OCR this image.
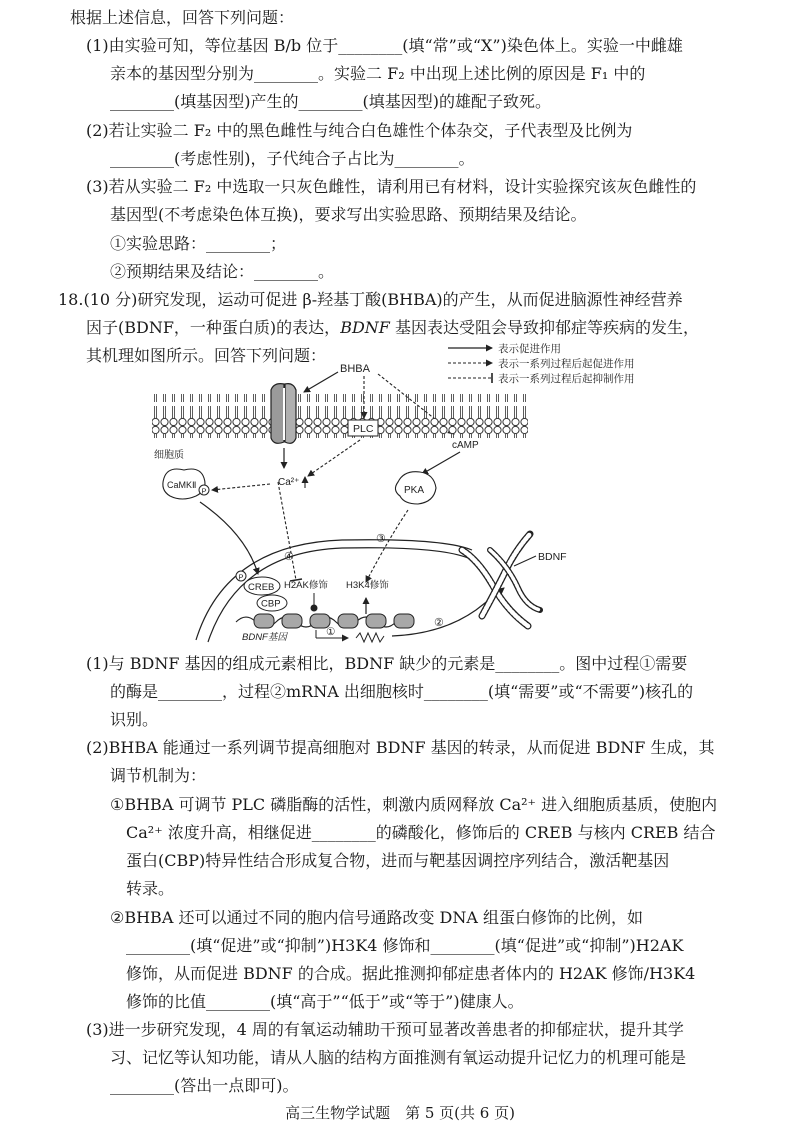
根据上述信息，回答下列问题：
(1)由实验可知，等位基因 B/b 位于________(填“常”或“X”)染色体上。实验一中雌雄
亲本的基因型分别为________。实验二 F₂ 中出现上述比例的原因是 F₁ 中的
________(填基因型)产生的________(填基因型)的雄配子致死。
(2)若让实验二 F₂ 中的黑色雌性与纯合白色雄性个体杂交，子代表型及比例为
________(考虑性别)，子代纯合子占比为________。
(3)若从实验二 F₂ 中选取一只灰色雌性，请利用已有材料，设计实验探究该灰色雌性的
基因型(不考虑染色体互换)，要求写出实验思路、预期结果及结论。
①实验思路：________；
②预期结果及结论：________。
18.(10 分)研究发现，运动可促进 β-羟基丁酸(BHBA)的产生，从而促进脑源性神经营养
因子(BDNF，一种蛋白质)的表达，BDNF 基因表达受阻会导致抑郁症等疾病的发生，
其机理如图所示。回答下列问题：	表示促进作用
表示一系列过程后起促进作用
表示一系列过程后起抑制作用
BHBA
PLC
细胞质
cAMP
Ca²⁺
CaMKⅡ
P	PKA
③
④
P
CREB
CBP
H2AK修饰 H3K4修饰
BDNF基因	①
②
BDNF
(1)与 BDNF 基因的组成元素相比，BDNF 缺少的元素是________。图中过程①需要
的酶是________，过程②mRNA 出细胞核时________(填“需要”或“不需要”)核孔的
识别。
(2)BHBA 能通过一系列调节提高细胞对 BDNF 基因的转录，从而促进 BDNF 生成，其
调节机制为：
①BHBA 可调节 PLC 磷脂酶的活性，刺激内质网释放 Ca²⁺ 进入细胞质基质，使胞内
Ca²⁺ 浓度升高，相继促进________的磷酸化，修饰后的 CREB 与核内 CREB 结合
蛋白(CBP)特异性结合形成复合物，进而与靶基因调控序列结合，激活靶基因
转录。
②BHBA 还可以通过不同的胞内信号通路改变 DNA 组蛋白修饰的比例，如
________(填“促进”或“抑制”)H3K4 修饰和________(填“促进”或“抑制”)H2AK
修饰，从而促进 BDNF 的合成。据此推测抑郁症患者体内的 H2AK 修饰/H3K4
修饰的比值________(填“高于”“低于”或“等于”)健康人。
(3)进一步研究发现，4 周的有氧运动辅助干预可显著改善患者的抑郁症状，提升其学
习、记忆等认知功能，请从人脑的结构方面推测有氧运动提升记忆力的机理可能是
________(答出一点即可)。
高三生物学试题　第 5 页(共 6 页)
